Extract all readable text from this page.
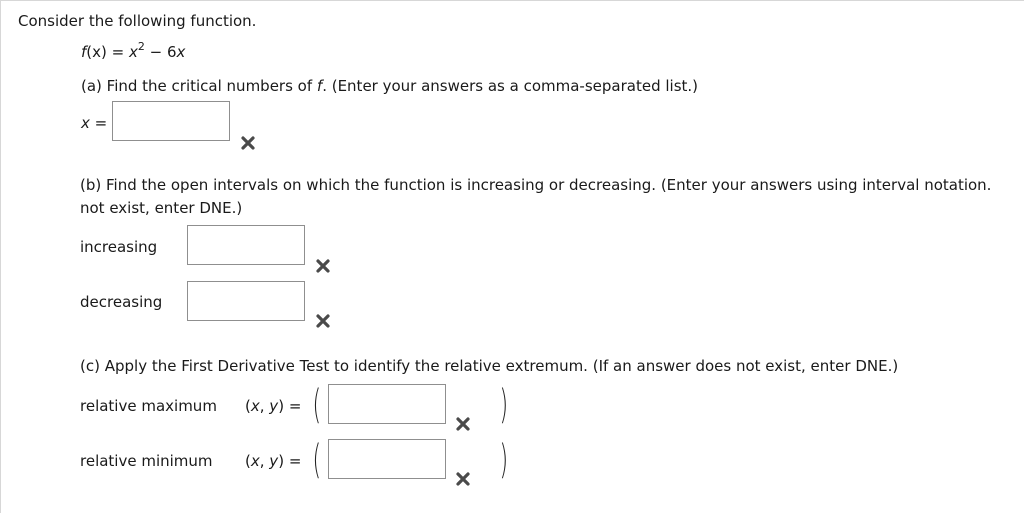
Consider the following function.
$f(x) = x^2 - 6x$
(a) Find the critical numbers of f. (Enter your answers as a comma-separated list.)
x =
(b) Find the open intervals on which the function is increasing or decreasing. (Enter your answers using interval notation.
not exist, enter DNE.)
increasing
decreasing
(c) Apply the First Derivative Test to identify the relative extremum. (If an answer does not exist, enter DNE.)
relative maximum (x, y) = (	)
relative minimum (x, y) = (	)
